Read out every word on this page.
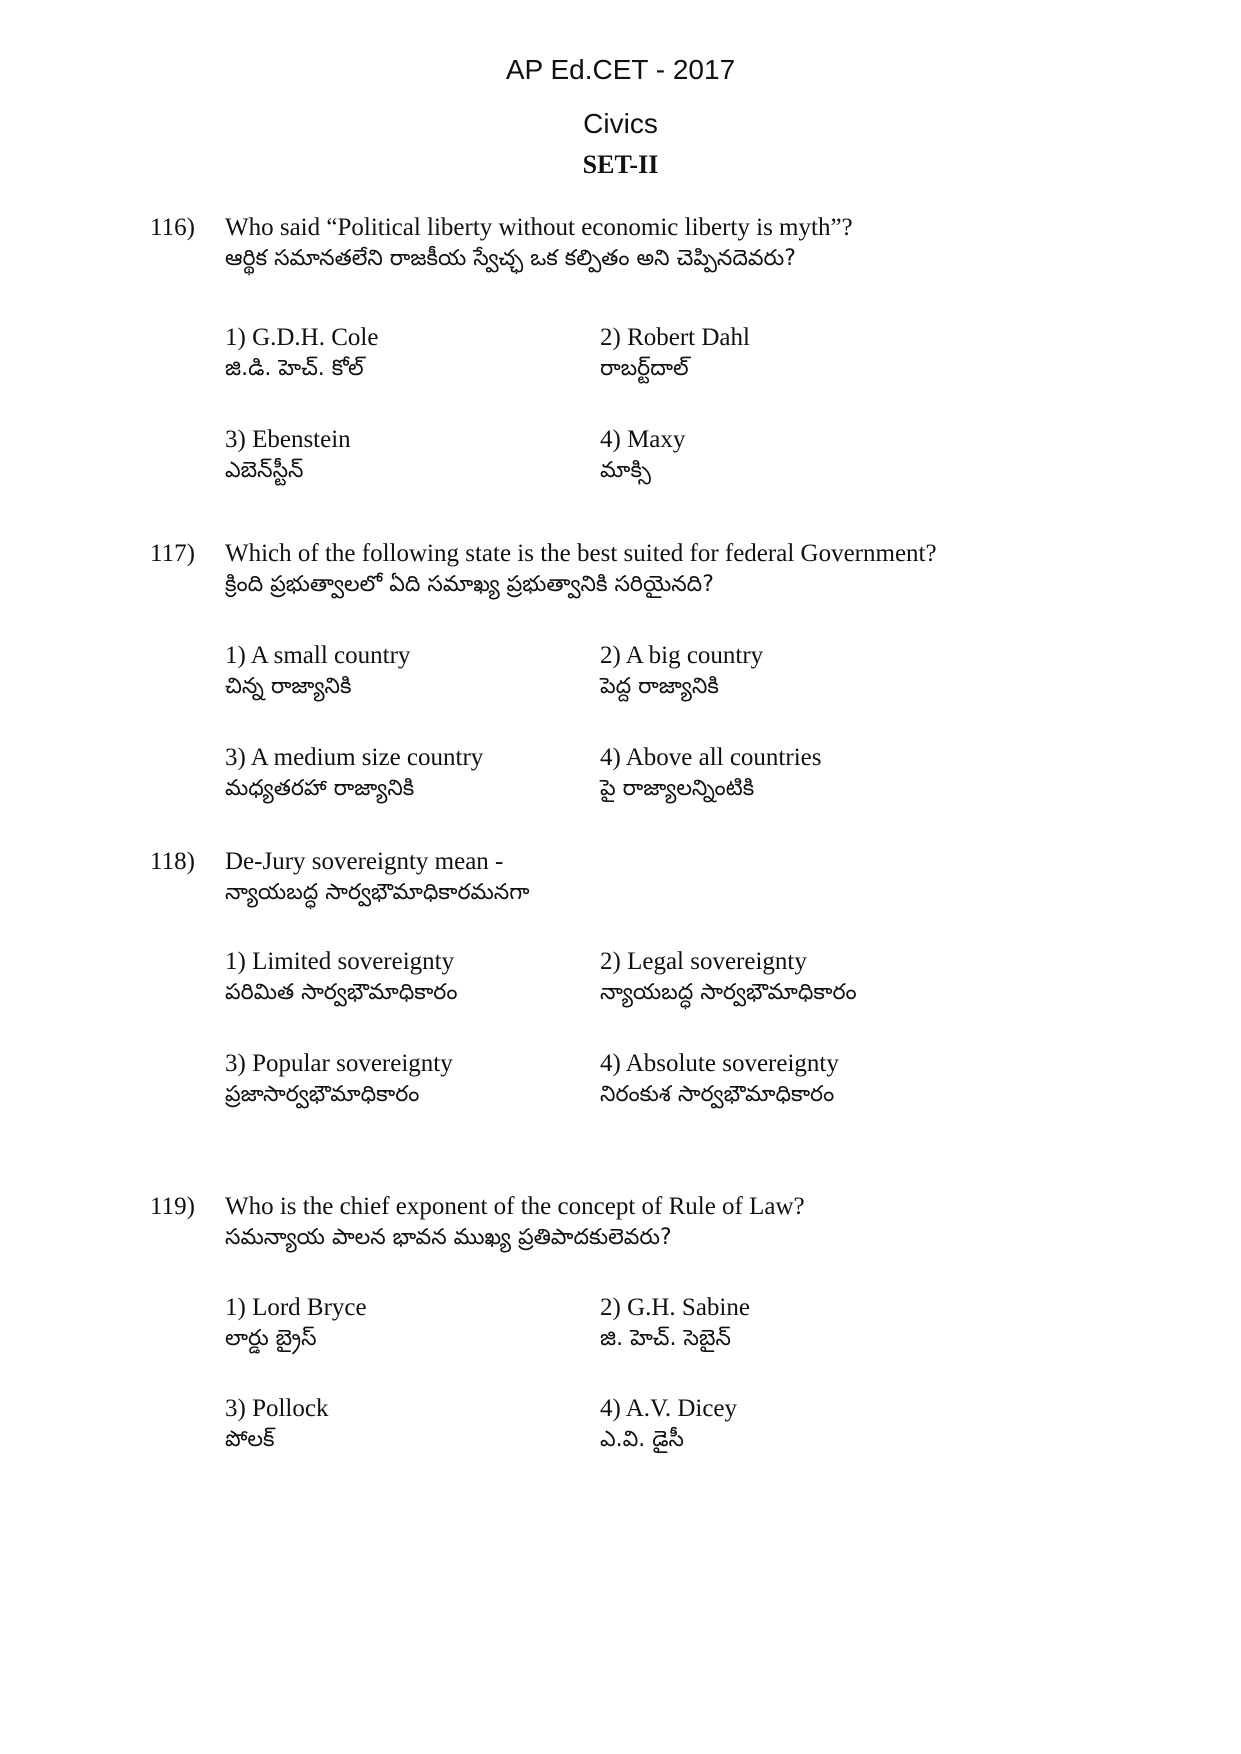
AP Ed.CET - 2017
Civics
SET-II
116) Who said “Political liberty without economic liberty is myth”?
ఆర్థిక సమానతలేని రాజకీయ స్వేచ్ఛ ఒక కల్పితం అని చెప్పినదెవరు?
1) G.D.H. Cole
జి.డి. హెచ్. కోల్
2) Robert Dahl
రాబర్ట్‌దాల్
3) Ebenstein
ఎబెన్‌స్టీన్
4) Maxy
మాక్సి
117) Which of the following state is the best suited for federal Government?
క్రింది ప్రభుత్వాలలో ఏది సమాఖ్య ప్రభుత్వానికి సరియైనది?
1) A small country
చిన్న రాజ్యానికి
2) A big country
పెద్ద రాజ్యానికి
3) A medium size country
మధ్యతరహా రాజ్యానికి
4) Above all countries
పై రాజ్యాలన్నింటికి
118) De-Jury sovereignty mean -
న్యాయబద్ధ సార్వభౌమాధికారమనగా
1) Limited sovereignty
పరిమిత సార్వభౌమాధికారం
2) Legal sovereignty
న్యాయబద్ధ సార్వభౌమాధికారం
3) Popular sovereignty
ప్రజాసార్వభౌమాధికారం
4) Absolute sovereignty
నిరంకుశ సార్వభౌమాధికారం
119) Who is the chief exponent of the concept of Rule of Law?
సమన్యాయ పాలన భావన ముఖ్య ప్రతిపాదకులెవరు?
1) Lord Bryce
లార్డు బ్రైస్
2) G.H. Sabine
జి. హెచ్. సెబైన్
3) Pollock
పోలక్
4) A.V. Dicey
ఎ.వి. డైసీ
